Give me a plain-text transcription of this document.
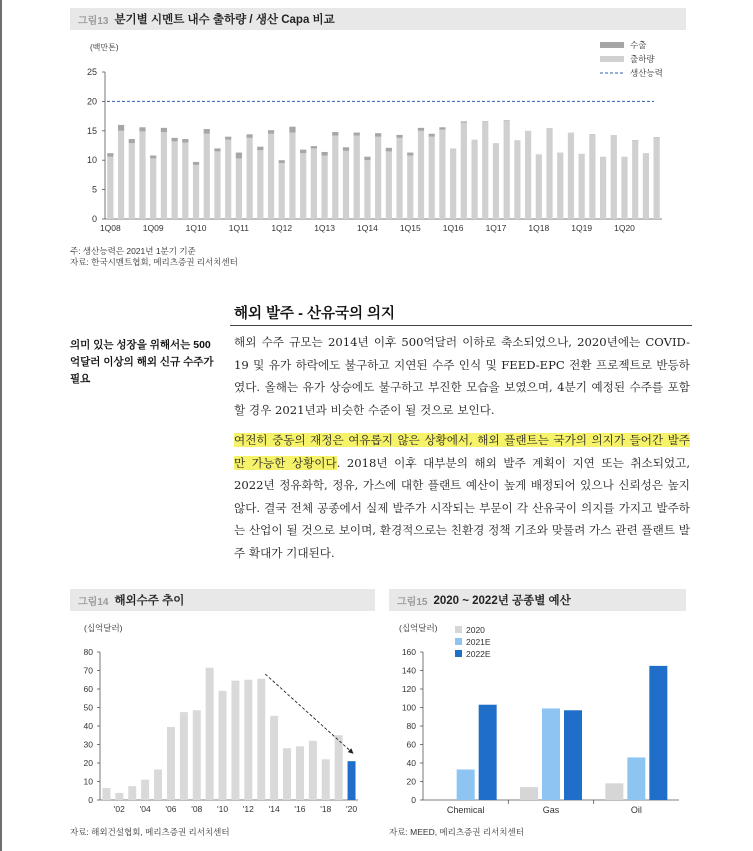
그림13 분기별 시멘트 내수 출하량 / 생산 Capa 비교
(백만톤)
0
5
10
15
20
25
1Q08	1Q09	1Q10	1Q11	1Q12	1Q13	1Q14	1Q15	1Q16	1Q17	1Q18	1Q19	1Q20
수출
출하량
생산능력
주: 생산능력은 2021년 1분기 기준
자료: 한국시멘트협회, 메리츠증권 리서치센터
해외 발주 - 산유국의 의지
의미 있는 성장을 위해서는 500억달러 이상의 해외 신규 수주가 필요
해외 수주 규모는 2014년 이후 500억달러 이하로 축소되었으나, 2020년에는 COVID-19 및 유가 하락에도 불구하고 지연된 수주 인식 및 FEED-EPC 전환 프로젝트로 반등하였다. 올해는 유가 상승에도 불구하고 부진한 모습을 보였으며, 4분기 예정된 수주를 포함할 경우 2021년과 비슷한 수준이 될 것으로 보인다.
여전히 중동의 재정은 여유롭지 않은 상황에서, 해외 플랜트는 국가의 의지가 들어간 발주만 가능한 상황이다. 2018년 이후 대부분의 해외 발주 계획이 지연 또는 취소되었고, 2022년 정유화학, 정유, 가스에 대한 플랜트 예산이 높게 배정되어 있으나 신뢰성은 높지 않다. 결국 전체 공종에서 실제 발주가 시작되는 부문이 각 산유국이 의지를 가지고 발주하는 산업이 될 것으로 보이며, 환경적으로는 친환경 정책 기조와 맞물려 가스 관련 플랜트 발주 확대가 기대된다.
그림14 해외수주 추이
(십억달러)
0
10
20
30
40
50
60
70
80
'02 '04 '06 '08 '10 '12 '14 '16 '18 '20
자료: 해외건설협회, 메리츠증권 리서치센터
그림15 2020 ~ 2022년 공종별 예산
(십억달러)
0
20
40
60
80
100
120
140
160
Chemical	Gas	Oil
2020
2021E
2022E
자료: MEED, 메리츠증권 리서치센터
